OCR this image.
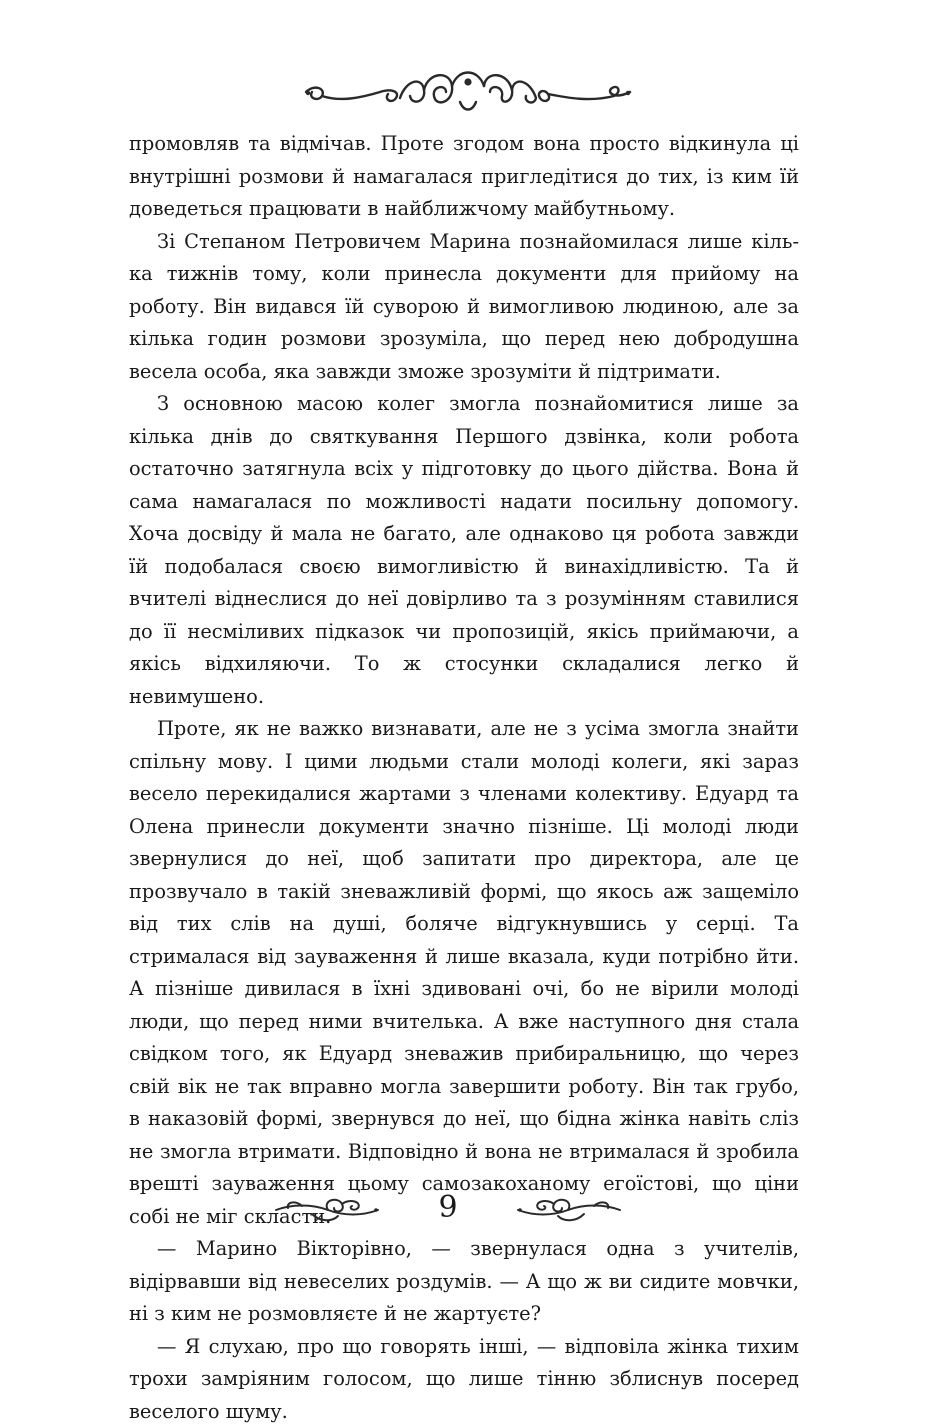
промовляв та відмічав. Проте згодом вона просто відкинула ці внутрішні розмови й намагалася пригледітися до тих, із ким їй доведеться працювати в найближчому майбутньому.

Зі Степаном Петровичем Марина познайомилася лише кілька тижнів тому, коли принесла документи для прийому на роботу. Він видався їй суворою й вимогливою людиною, але за кілька годин розмови зрозуміла, що перед нею добродушна весела особа, яка завжди зможе зрозуміти й підтримати.

З основною масою колег змогла познайомитися лише за кілька днів до святкування Першого дзвінка, коли робота остаточно затягнула всіх у підготовку до цього дійства. Вона й сама намагалася по можливості надати посильну допомогу. Хоча досвіду й мала не багато, але однаково ця робота завжди їй подобалася своєю вимогливістю й винахідливістю. Та й вчителі віднеслися до неї довірливо та з розумінням ставилися до її несміливих підказок чи пропозицій, якісь приймаючи, а якісь відхиляючи. То ж стосунки складалися легко й невимушено.

Проте, як не важко визнавати, але не з усіма змогла знайти спільну мову. І цими людьми стали молоді колеги, які зараз весело перекидалися жартами з членами колективу. Едуард та Олена принесли документи значно пізніше. Ці молоді люди звернулися до неї, щоб запитати про директора, але це прозвучало в такій зневажливій формі, що якось аж защеміло від тих слів на душі, боляче відгукнувшись у серці. Та стрималася від зауваження й лише вказала, куди потрібно йти. А пізніше дивилася в їхні здивовані очі, бо не вірили молоді люди, що перед ними вчителька. А вже наступного дня стала свідком того, як Едуард зневажив прибиральницю, що через свій вік не так вправно могла завершити роботу. Він так грубо, в наказовій формі, звернувся до неї, що бідна жінка навіть сліз не змогла втримати. Відповідно й вона не втрималася й зробила врешті зауваження цьому самозакоханому егоїстові, що ціни собі не міг скласти.

— Марино Вікторівно, — звернулася одна з учителів, відірвавши від невеселих роздумів. — А що ж ви сидите мовчки, ні з ким не розмовляєте й не жартуєте?

— Я слухаю, про що говорять інші, — відповіла жінка тихим трохи замріяним голосом, що лише тінню зблиснув посеред веселого шуму.

9
